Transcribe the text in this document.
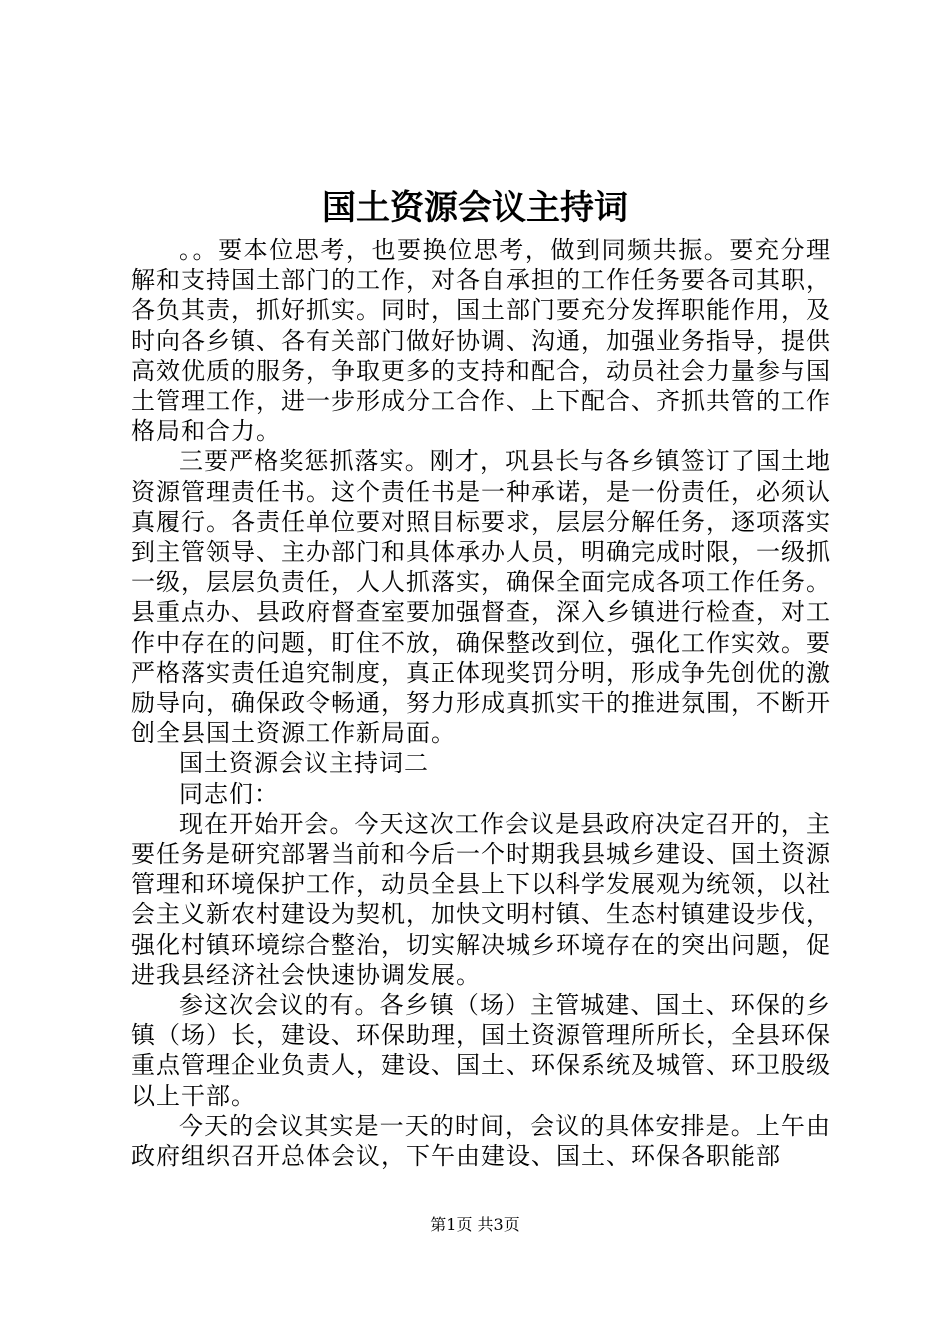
国土资源会议主持词

。。要本位思考，也要换位思考，做到同频共振。要充分理解和支持国土部门的工作，对各自承担的工作任务要各司其职，各负其责，抓好抓实。同时，国土部门要充分发挥职能作用，及时向各乡镇、各有关部门做好协调、沟通，加强业务指导，提供高效优质的服务，争取更多的支持和配合，动员社会力量参与国土管理工作，进一步形成分工合作、上下配合、齐抓共管的工作格局和合力。

三要严格奖惩抓落实。刚才，巩县长与各乡镇签订了国土地资源管理责任书。这个责任书是一种承诺，是一份责任，必须认真履行。各责任单位要对照目标要求，层层分解任务，逐项落实到主管领导、主办部门和具体承办人员，明确完成时限，一级抓一级，层层负责任，人人抓落实，确保全面完成各项工作任务。县重点办、县政府督查室要加强督查，深入乡镇进行检查，对工作中存在的问题，盯住不放，确保整改到位，强化工作实效。要严格落实责任追究制度，真正体现奖罚分明，形成争先创优的激励导向，确保政令畅通，努力形成真抓实干的推进氛围，不断开创全县国土资源工作新局面。

国土资源会议主持词二

同志们：

现在开始开会。今天这次工作会议是县政府决定召开的，主要任务是研究部署当前和今后一个时期我县城乡建设、国土资源管理和环境保护工作，动员全县上下以科学发展观为统领，以社会主义新农村建设为契机，加快文明村镇、生态村镇建设步伐，强化村镇环境综合整治，切实解决城乡环境存在的突出问题，促进我县经济社会快速协调发展。

参这次会议的有。各乡镇（场）主管城建、国土、环保的乡镇（场）长，建设、环保助理，国土资源管理所所长，全县环保重点管理企业负责人，建设、国土、环保系统及城管、环卫股级以上干部。

今天的会议其实是一天的时间，会议的具体安排是。上午由政府组织召开总体会议，下午由建设、国土、环保各职能部

第1页 共3页
